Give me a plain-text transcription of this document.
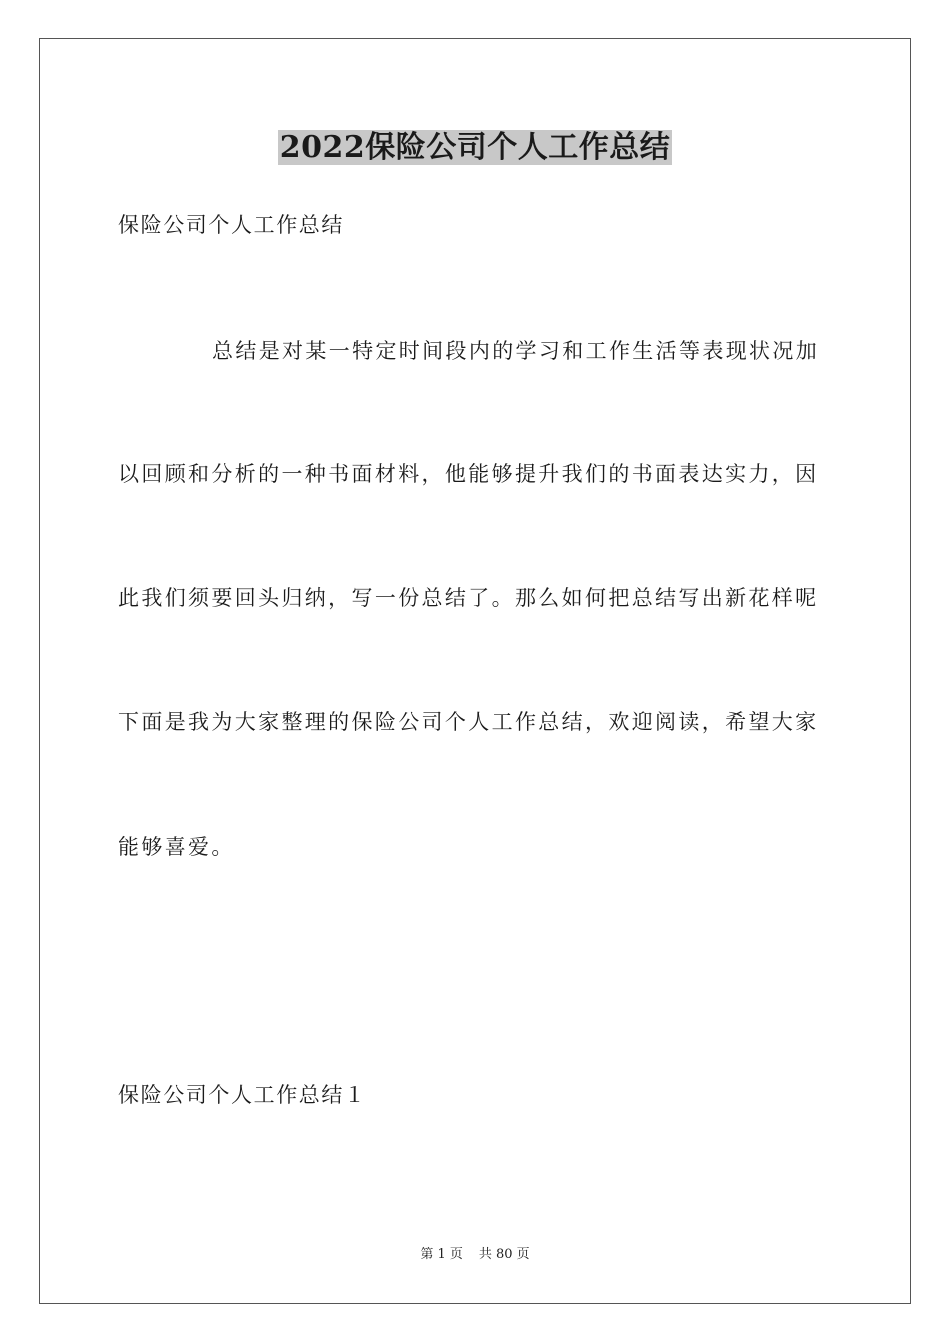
2022保险公司个人工作总结
保险公司个人工作总结
总结是对某一特定时间段内的学习和工作生活等表现状况加
以回顾和分析的一种书面材料，他能够提升我们的书面表达实力，因
此我们须要回头归纳，写一份总结了。那么如何把总结写出新花样呢
下面是我为大家整理的保险公司个人工作总结，欢迎阅读，希望大家
能够喜爱。
保险公司个人工作总结１
第 1 页 共 80 页
